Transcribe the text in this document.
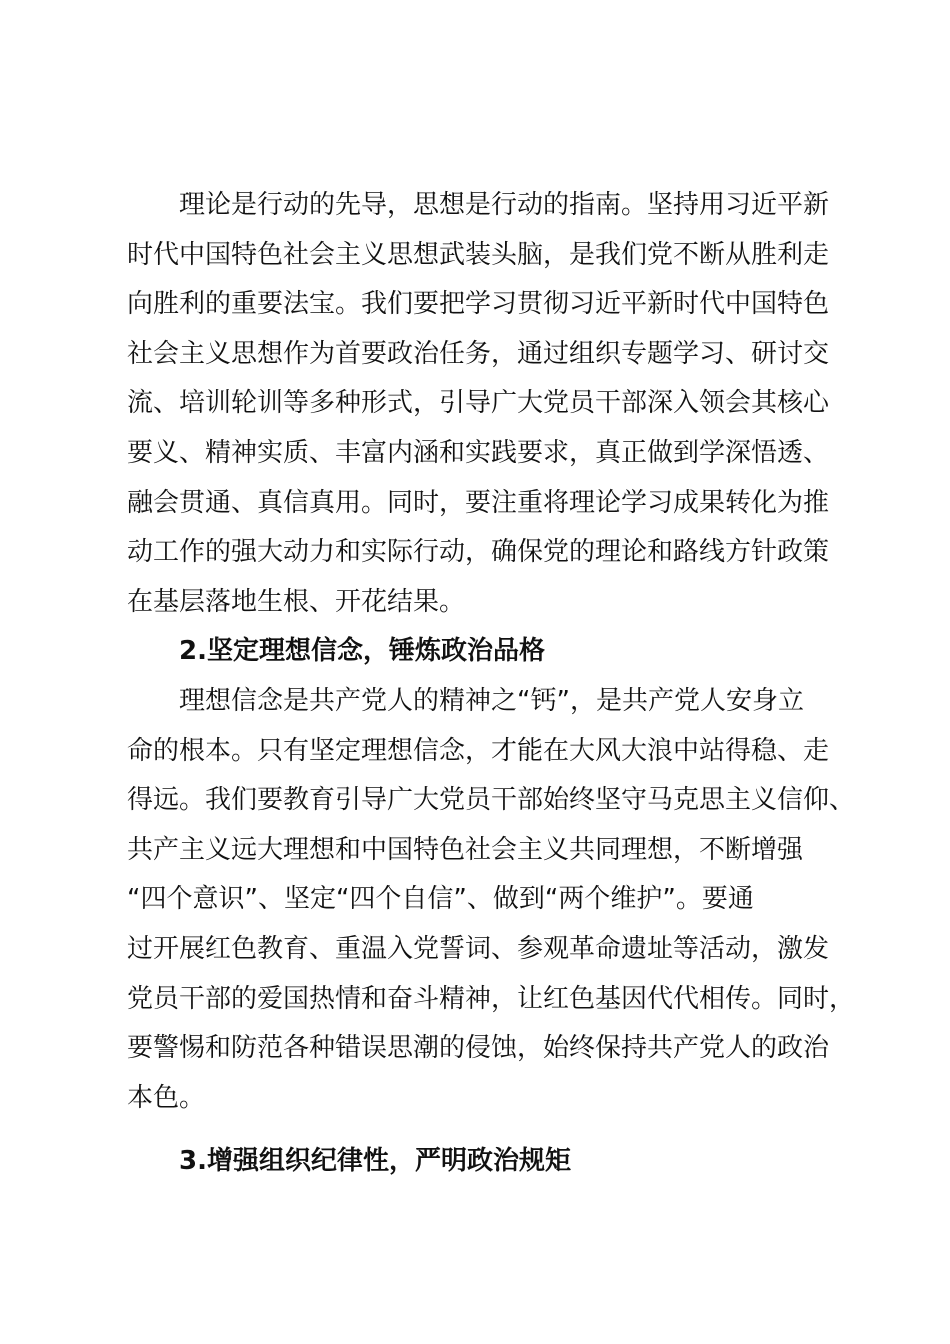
理论是行动的先导，思想是行动的指南。坚持用习近平新
时代中国特色社会主义思想武装头脑，是我们党不断从胜利走
向胜利的重要法宝。我们要把学习贯彻习近平新时代中国特色
社会主义思想作为首要政治任务，通过组织专题学习、研讨交
流、培训轮训等多种形式，引导广大党员干部深入领会其核心
要义、精神实质、丰富内涵和实践要求，真正做到学深悟透、
融会贯通、真信真用。同时，要注重将理论学习成果转化为推
动工作的强大动力和实际行动，确保党的理论和路线方针政策
在基层落地生根、开花结果。
2.坚定理想信念，锤炼政治品格
理想信念是共产党人的精神之“钙”，是共产党人安身立
命的根本。只有坚定理想信念，才能在大风大浪中站得稳、走
得远。我们要教育引导广大党员干部始终坚守马克思主义信仰、
共产主义远大理想和中国特色社会主义共同理想，不断增强
“四个意识”、坚定“四个自信”、做到“两个维护”。要通
过开展红色教育、重温入党誓词、参观革命遗址等活动，激发
党员干部的爱国热情和奋斗精神，让红色基因代代相传。同时，
要警惕和防范各种错误思潮的侵蚀，始终保持共产党人的政治
本色。
3.增强组织纪律性，严明政治规矩
